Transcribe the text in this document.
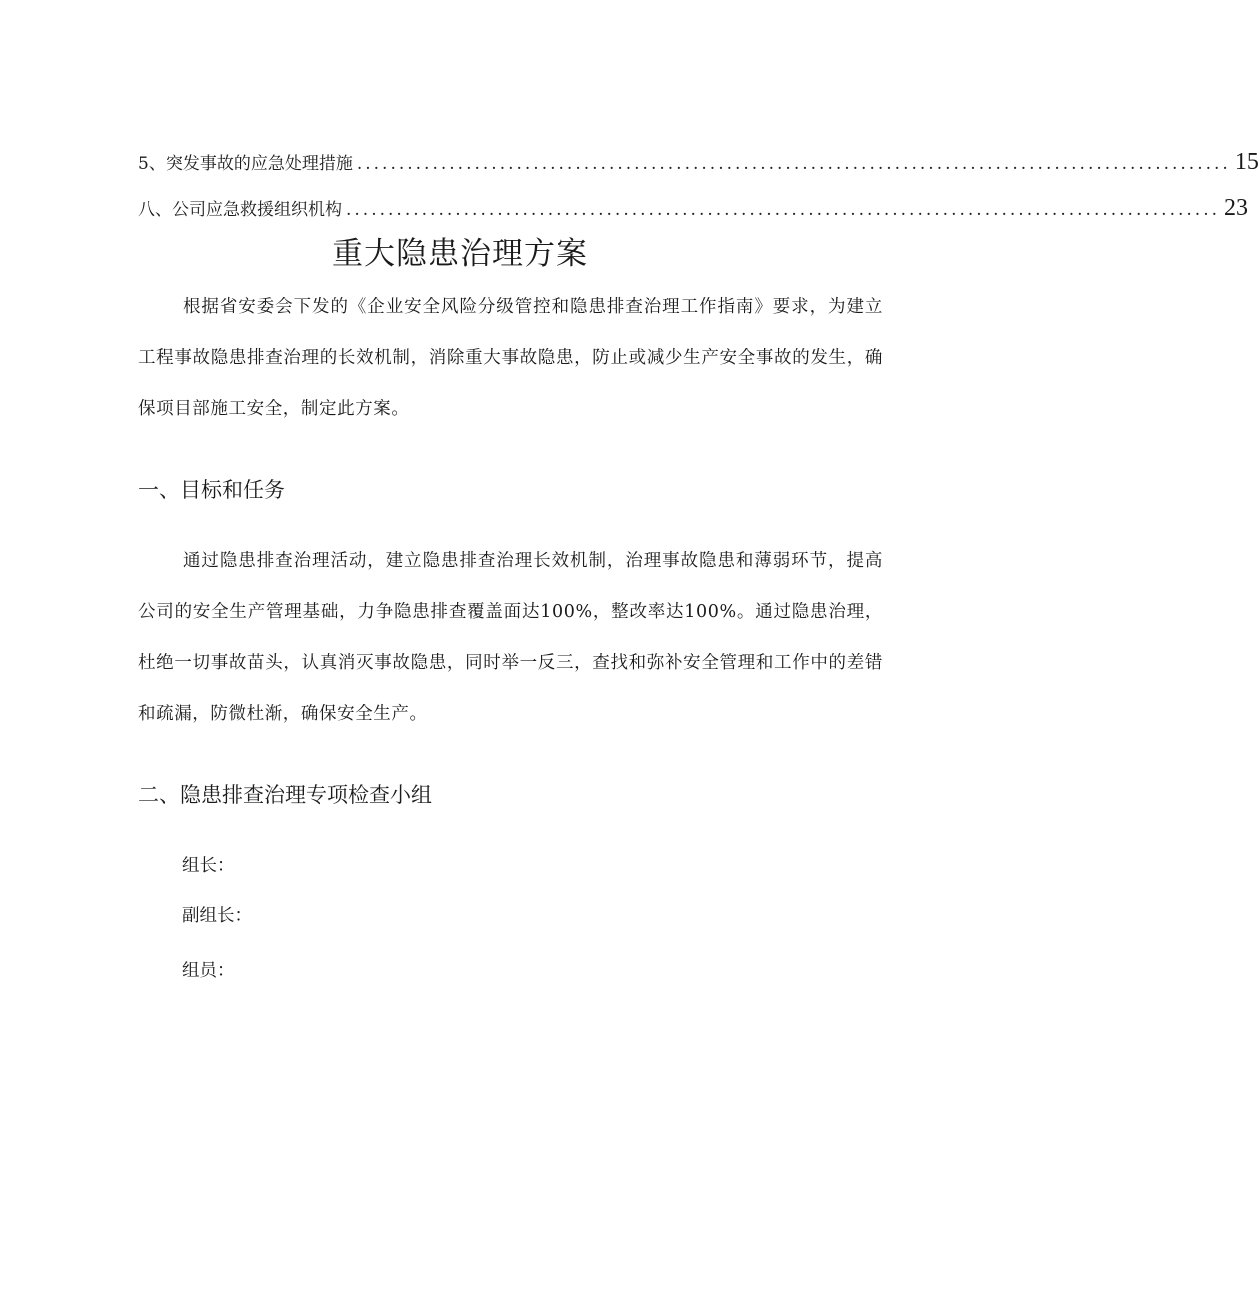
5、突发事故的应急处理措施 ........................................................................................................ 15
八、公司应急救援组织机构 ........................................................................................................ 23
重大隐患治理方案

根据省安委会下发的《企业安全风险分级管控和隐患排查治理工作指南》要求，为建立工程事故隐患排查治理的长效机制，消除重大事故隐患，防止或减少生产安全事故的发生，确保项目部施工安全，制定此方案。

一、目标和任务

通过隐患排查治理活动，建立隐患排查治理长效机制，治理事故隐患和薄弱环节，提高公司的安全生产管理基础，力争隐患排查覆盖面达100%，整改率达100%。通过隐患治理，杜绝一切事故苗头，认真消灭事故隐患，同时举一反三，查找和弥补安全管理和工作中的差错和疏漏，防微杜渐，确保安全生产。

二、隐患排查治理专项检查小组

组长：

副组长：

组员：
